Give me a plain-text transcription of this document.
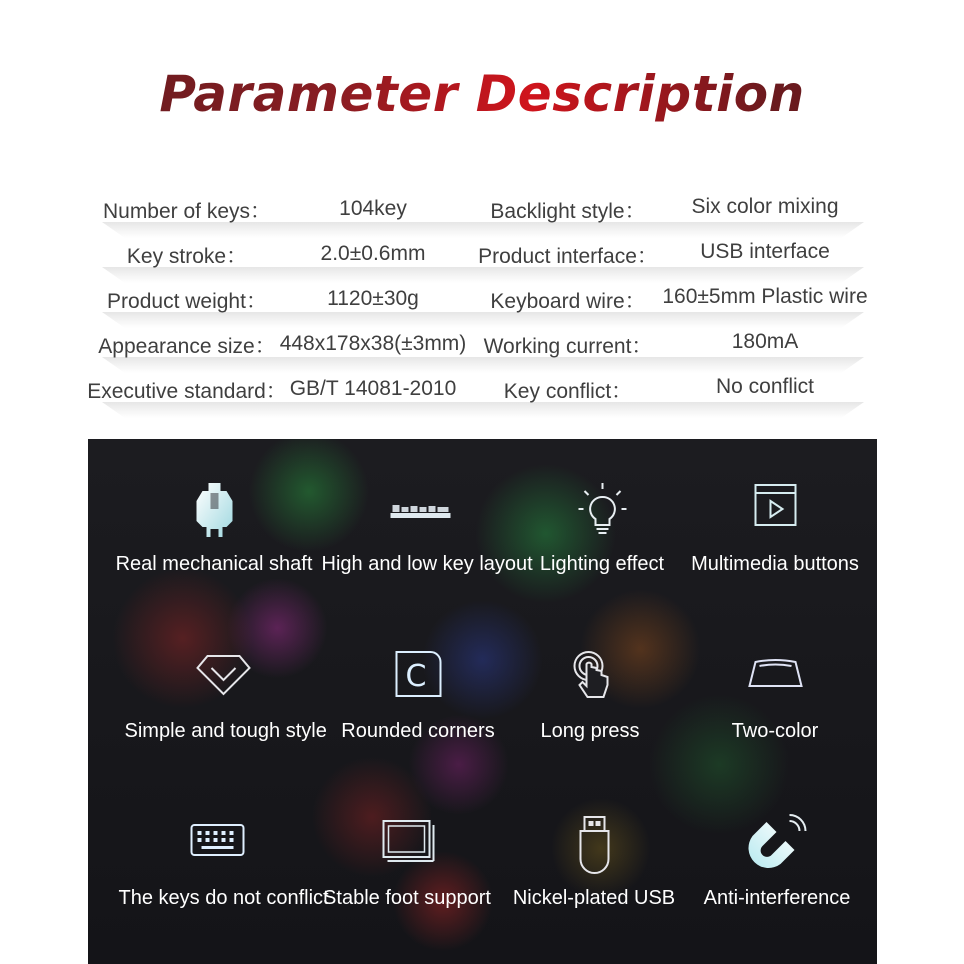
Parameter Description
Number of keys：	104key	Backlight style： Six color mixing
Key stroke：	2.0±0.6mm	Product interface： USB interface
Product weight：	1120±30g	Keyboard wire： 160±5mm Plastic wire
Appearance size： 448x178x38(±3mm) Working current：	180mA
Executive standard： GB/T 14081-2010 Key conflict：	No conflict
Real mechanical shaft High and low key layout Lighting effect	Multimedia buttons
Simple and tough style
C
Rounded corners	Long press	Two-color
The keys do not conflict
Stable foot support	Nickel-plated USB	Anti-interference
